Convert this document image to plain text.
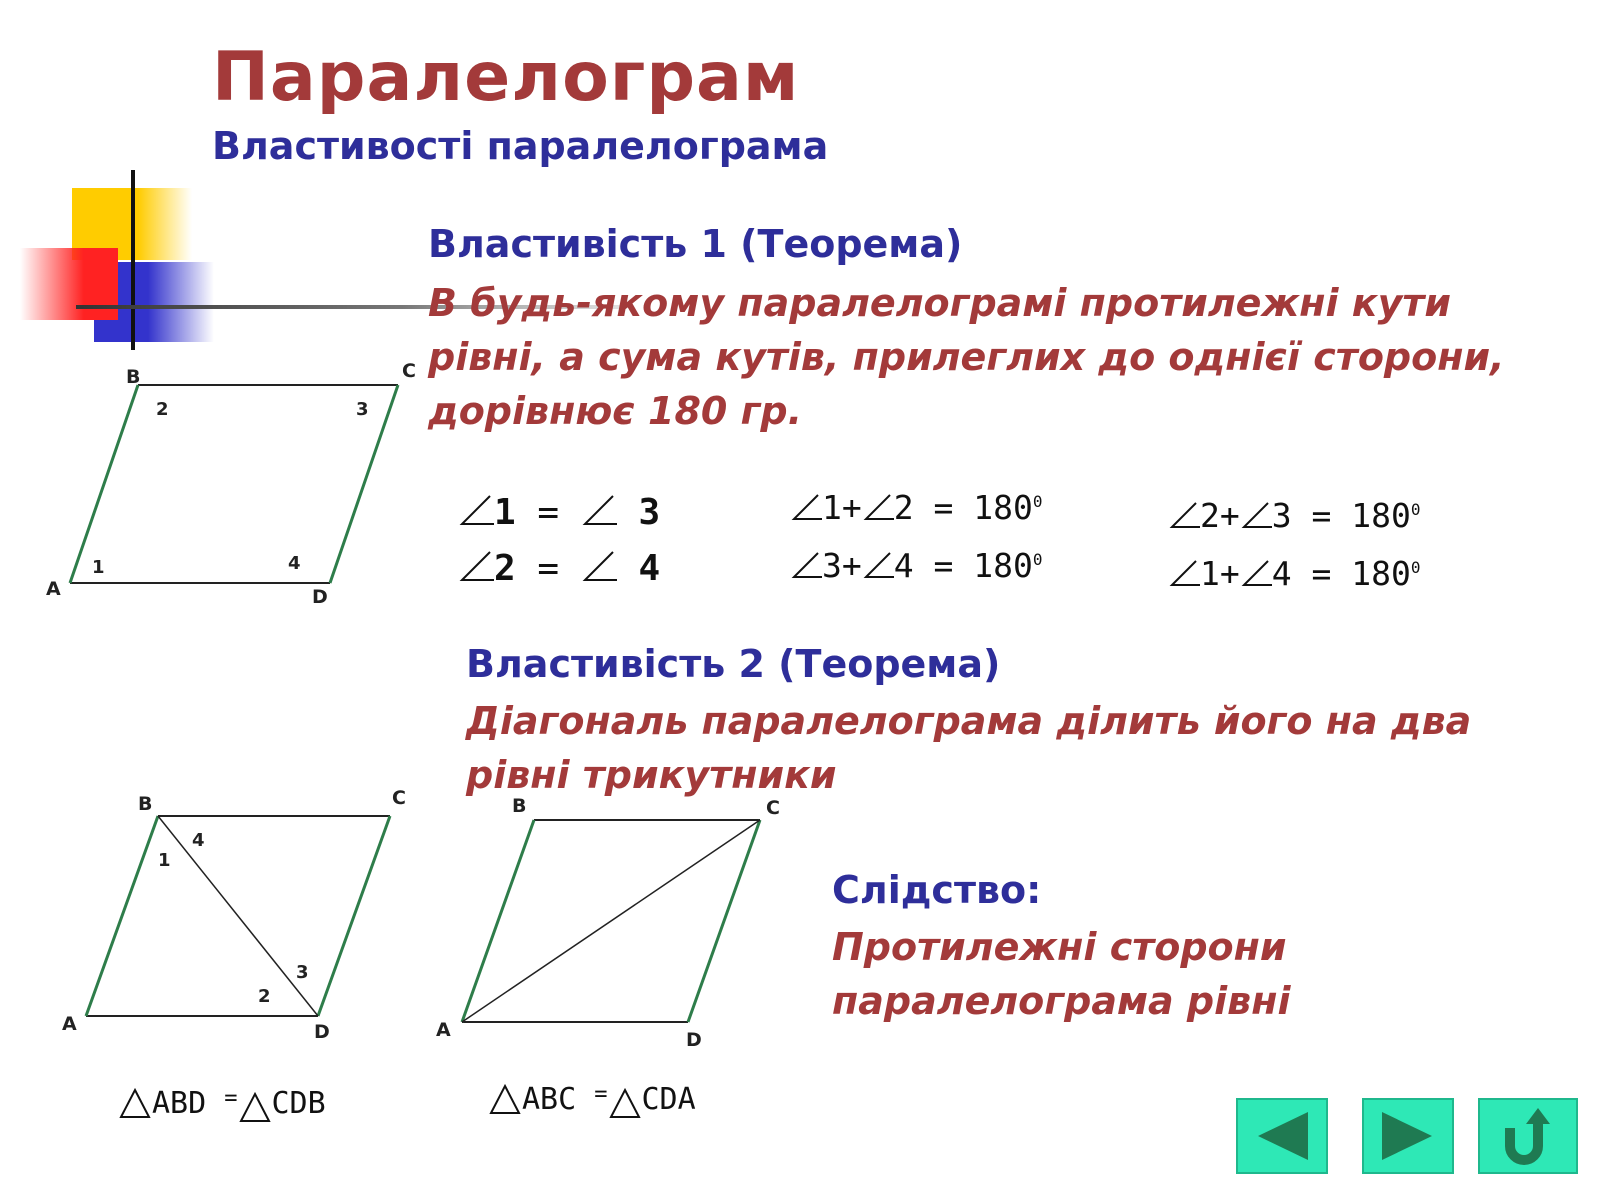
Паралелограм
Властивості паралелограма
Властивість 1 (Теорема)
В будь-якому паралелограмі протилежні кути рівні, а сума кутів, прилеглих до однієї сторони, дорівнює 180 гр.
B	C
A	D
1
2	3
4
1 = 3
2 = 4
$1+ 2 = 180^0$
$3+ 4 = 180^0$
$2+ 3 = 180^0$
$1+ 4 = 180^0$
Властивість 2 (Теорема)
Діагональ паралелограма ділить його на два рівні трикутники
B	C
A	D
1
2
3
4
B	C
A	D
ABD = CDB	ABC = CDA
Слідство:
Протилежні сторони паралелограма рівні
